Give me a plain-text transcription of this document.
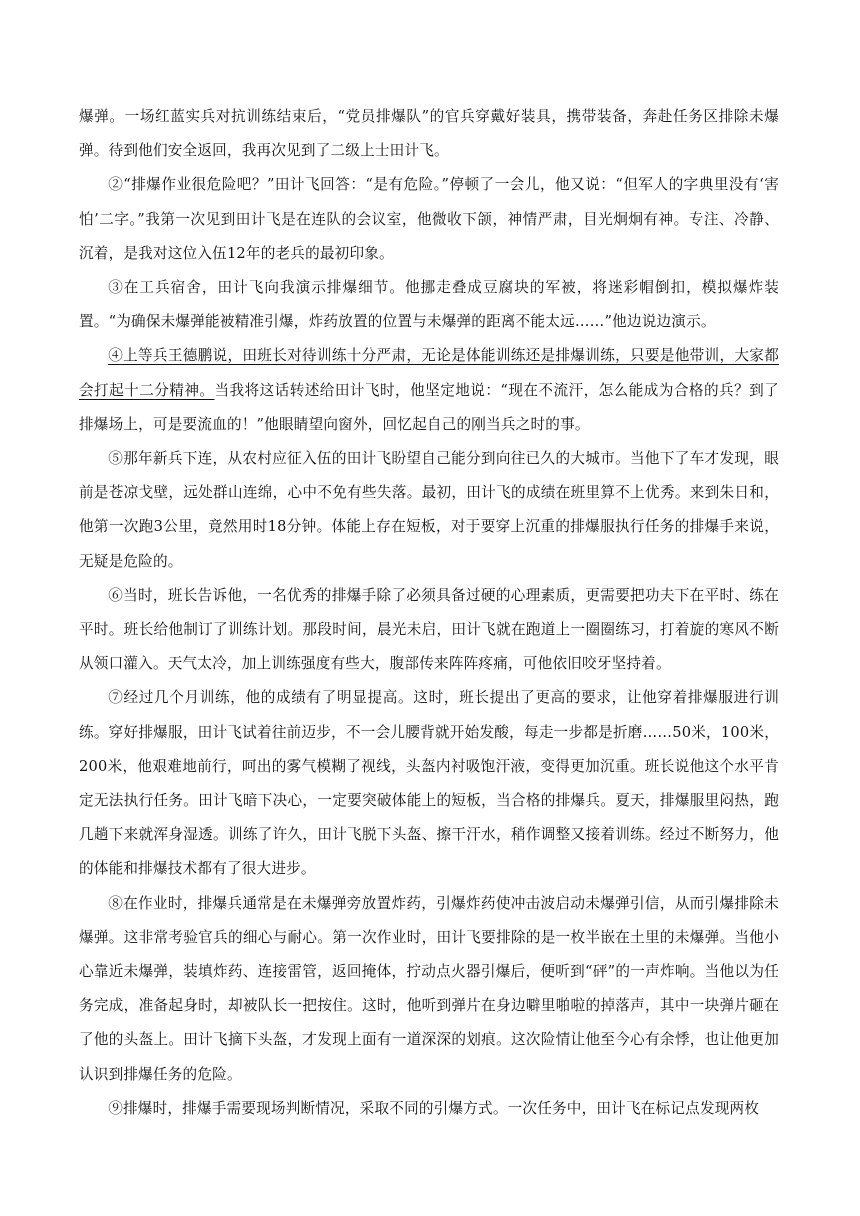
爆弹。一场红蓝实兵对抗训练结束后，“党员排爆队”的官兵穿戴好装具，携带装备，奔赴任务区排除未爆弹。待到他们安全返回，我再次见到了二级上士田计飞。

②“排爆作业很危险吧？”田计飞回答：“是有危险。”停顿了一会儿，他又说：“但军人的字典里没有‘害怕’二字。”我第一次见到田计飞是在连队的会议室，他微收下颌，神情严肃，目光炯炯有神。专注、冷静、沉着，是我对这位入伍12年的老兵的最初印象。

③在工兵宿舍，田计飞向我演示排爆细节。他挪走叠成豆腐块的军被，将迷彩帽倒扣，模拟爆炸装置。“为确保未爆弹能被精准引爆，炸药放置的位置与未爆弹的距离不能太远……”他边说边演示。

④上等兵王德鹏说，田班长对待训练十分严肃，无论是体能训练还是排爆训练，只要是他带训，大家都会打起十二分精神。当我将这话转述给田计飞时，他坚定地说：“现在不流汗，怎么能成为合格的兵？到了排爆场上，可是要流血的！”他眼睛望向窗外，回忆起自己的刚当兵之时的事。

⑤那年新兵下连，从农村应征入伍的田计飞盼望自己能分到向往已久的大城市。当他下了车才发现，眼前是苍凉戈壁，远处群山连绵，心中不免有些失落。最初，田计飞的成绩在班里算不上优秀。来到朱日和，他第一次跑3公里，竟然用时18分钟。体能上存在短板，对于要穿上沉重的排爆服执行任务的排爆手来说，无疑是危险的。

⑥当时，班长告诉他，一名优秀的排爆手除了必须具备过硬的心理素质，更需要把功夫下在平时、练在平时。班长给他制订了训练计划。那段时间，晨光未启，田计飞就在跑道上一圈圈练习，打着旋的寒风不断从领口灌入。天气太冷，加上训练强度有些大，腹部传来阵阵疼痛，可他依旧咬牙坚持着。

⑦经过几个月训练，他的成绩有了明显提高。这时，班长提出了更高的要求，让他穿着排爆服进行训练。穿好排爆服，田计飞试着往前迈步，不一会儿腰背就开始发酸，每走一步都是折磨……50米，100米，200米，他艰难地前行，呵出的雾气模糊了视线，头盔内衬吸饱汗液，变得更加沉重。班长说他这个水平肯定无法执行任务。田计飞暗下决心，一定要突破体能上的短板，当合格的排爆兵。夏天，排爆服里闷热，跑几趟下来就浑身湿透。训练了许久，田计飞脱下头盔、擦干汗水，稍作调整又接着训练。经过不断努力，他的体能和排爆技术都有了很大进步。

⑧在作业时，排爆兵通常是在未爆弹旁放置炸药，引爆炸药使冲击波启动未爆弹引信，从而引爆排除未爆弹。这非常考验官兵的细心与耐心。第一次作业时，田计飞要排除的是一枚半嵌在土里的未爆弹。当他小心靠近未爆弹，装填炸药、连接雷管，返回掩体，拧动点火器引爆后，便听到“砰”的一声炸响。当他以为任务完成，准备起身时，却被队长一把按住。这时，他听到弹片在身边噼里啪啦的掉落声，其中一块弹片砸在了他的头盔上。田计飞摘下头盔，才发现上面有一道深深的划痕。这次险情让他至今心有余悸，也让他更加认识到排爆任务的危险。

⑨排爆时，排爆手需要现场判断情况，采取不同的引爆方式。一次任务中，田计飞在标记点发现两枚
